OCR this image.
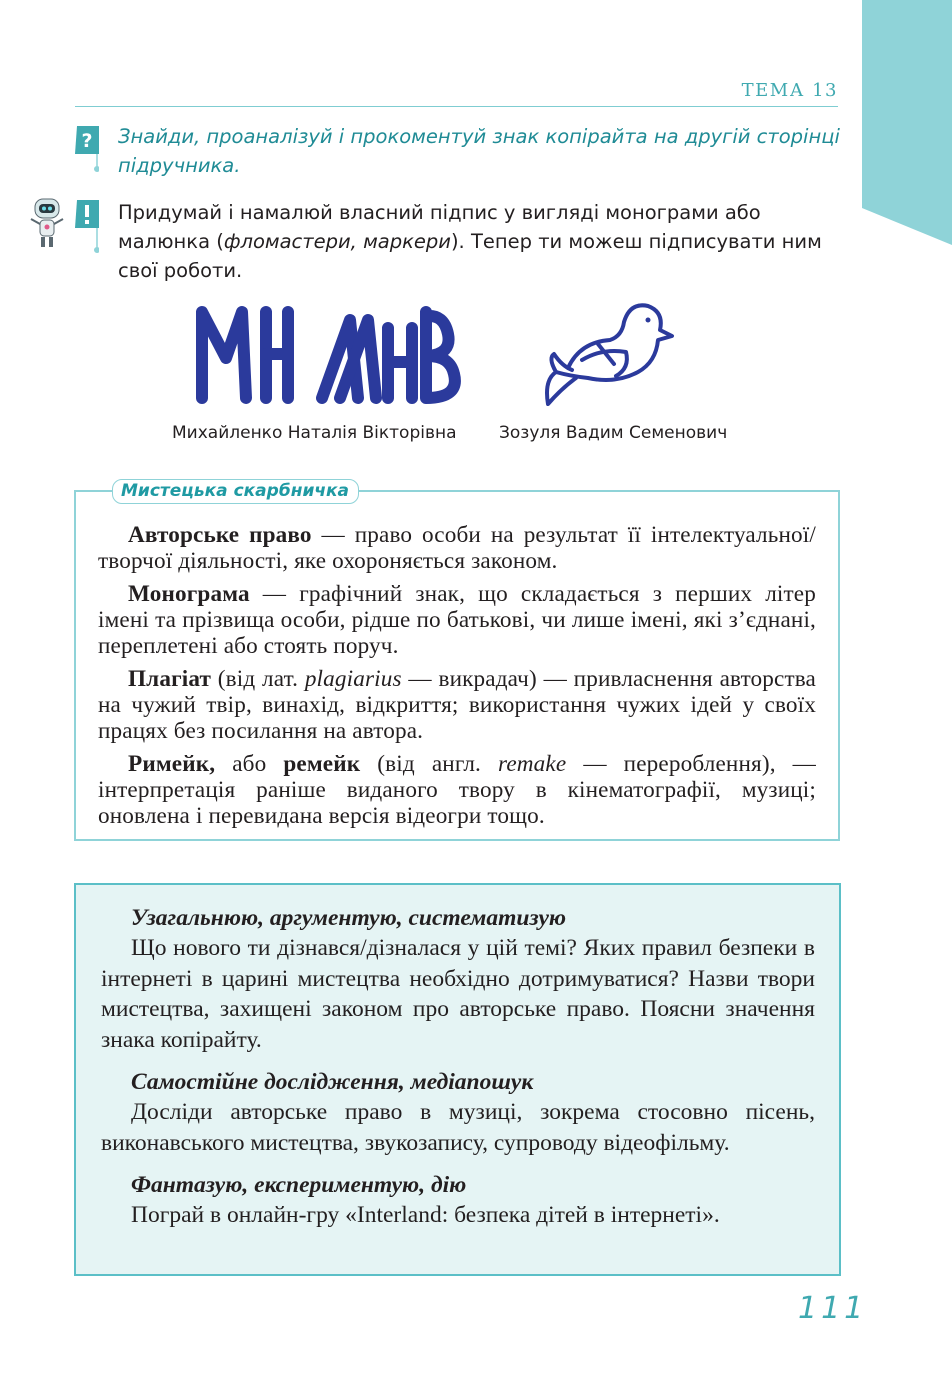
ТЕМА 13
? Знайди, проаналізуй і прокоментуй знак копірайта на другій сторінці підручника.
Придумай і намалюй власний підпис у вигляді монограми або малюнка (фломастери, маркери). Тепер ти можеш підписувати ним свої роботи.
Михайленко Наталія Вікторівна Зозуля Вадим Семенович
Мистецька скарбничка

Авторське право — право особи на результат її інтелектуальної/творчої діяльності, яке охороняється законом.

Монограма — графічний знак, що складається з перших літер імені та прізвища особи, рідше по батькові, чи лише імені, які з’єднані, переплетені або стоять поруч.

Плагіат (від лат. plagiarius — викрадач) — привласнення авторства на чужий твір, винахід, відкриття; використання чужих ідей у своїх працях без посилання на автора.

Римейк, або ремейк (від англ. remake — перероблення), — інтерпретація раніше виданого твору в кінематографії, музиці; оновлена і перевидана версія відеогри тощо.

Узагальнюю, аргументую, систематизую

Що нового ти дізнався/дізналася у цій темі? Яких правил безпеки в інтернеті в царині мистецтва необхідно дотримуватися? Назви твори мистецтва, захищені законом про авторське право. Поясни значення знака копірайту.

Самостійне дослідження, медіапошук

Досліди авторське право в музиці, зокрема стосовно пісень, виконавського мистецтва, звукозапису, супроводу відеофільму.

Фантазую, експериментую, дію

Пограй в онлайн-гру «Interland: безпека дітей в інтернеті».

111
